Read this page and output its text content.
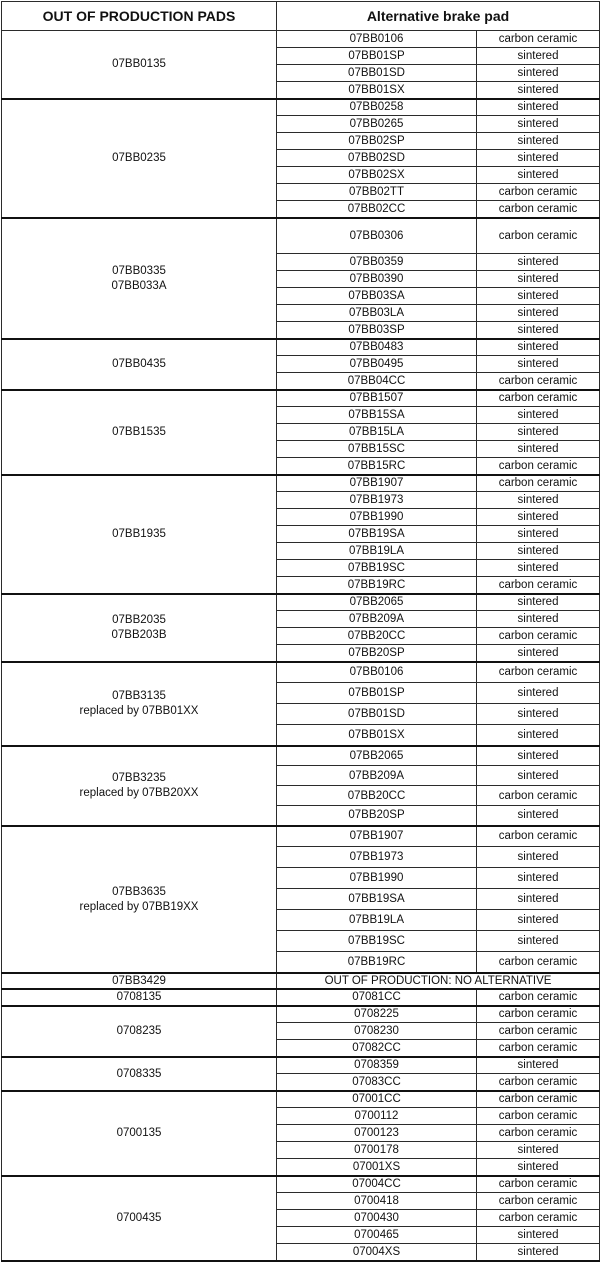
OUT OF PRODUCTION PADS	Alternative brake pad	
07BB0135	07BB0106	carbon ceramic
	07BB01SP	sintered
	07BB01SD	sintered
	07BB01SX	sintered
07BB0235	07BB0258	sintered
	07BB0265	sintered
	07BB02SP	sintered
	07BB02SD	sintered
	07BB02SX	sintered
	07BB02TT	carbon ceramic
	07BB02CC	carbon ceramic
07BB0335
07BB033A	07BB0306	carbon ceramic
	07BB0359	sintered
	07BB0390	sintered
	07BB03SA	sintered
	07BB03LA	sintered
	07BB03SP	sintered
07BB0435	07BB0483	sintered
	07BB0495	sintered
	07BB04CC	carbon ceramic
07BB1535	07BB1507	carbon ceramic
	07BB15SA	sintered
	07BB15LA	sintered
	07BB15SC	sintered
	07BB15RC	carbon ceramic
07BB1935	07BB1907	carbon ceramic
	07BB1973	sintered
	07BB1990	sintered
	07BB19SA	sintered
	07BB19LA	sintered
	07BB19SC	sintered
	07BB19RC	carbon ceramic
07BB2035
07BB203B	07BB2065	sintered
	07BB209A	sintered
	07BB20CC	carbon ceramic
	07BB20SP	sintered
07BB3135
replaced by 07BB01XX	07BB0106	carbon ceramic
	07BB01SP	sintered
	07BB01SD	sintered
	07BB01SX	sintered
07BB3235
replaced by 07BB20XX	07BB2065	sintered
	07BB209A	sintered
	07BB20CC	carbon ceramic
	07BB20SP	sintered
07BB3635
replaced by 07BB19XX	07BB1907	carbon ceramic
	07BB1973	sintered
	07BB1990	sintered
	07BB19SA	sintered
	07BB19LA	sintered
	07BB19SC	sintered
	07BB19RC	carbon ceramic
07BB3429	OUT OF PRODUCTION: NO ALTERNATIVE	
0708135	07081CC	carbon ceramic
0708235	0708225	carbon ceramic
	0708230	carbon ceramic
	07082CC	carbon ceramic
0708335	0708359	sintered
	07083CC	carbon ceramic
0700135	07001CC	carbon ceramic
	0700112	carbon ceramic
	0700123	carbon ceramic
	0700178	sintered
	07001XS	sintered
0700435	07004CC	carbon ceramic
	0700418	carbon ceramic
	0700430	carbon ceramic
	0700465	sintered
	07004XS	sintered
